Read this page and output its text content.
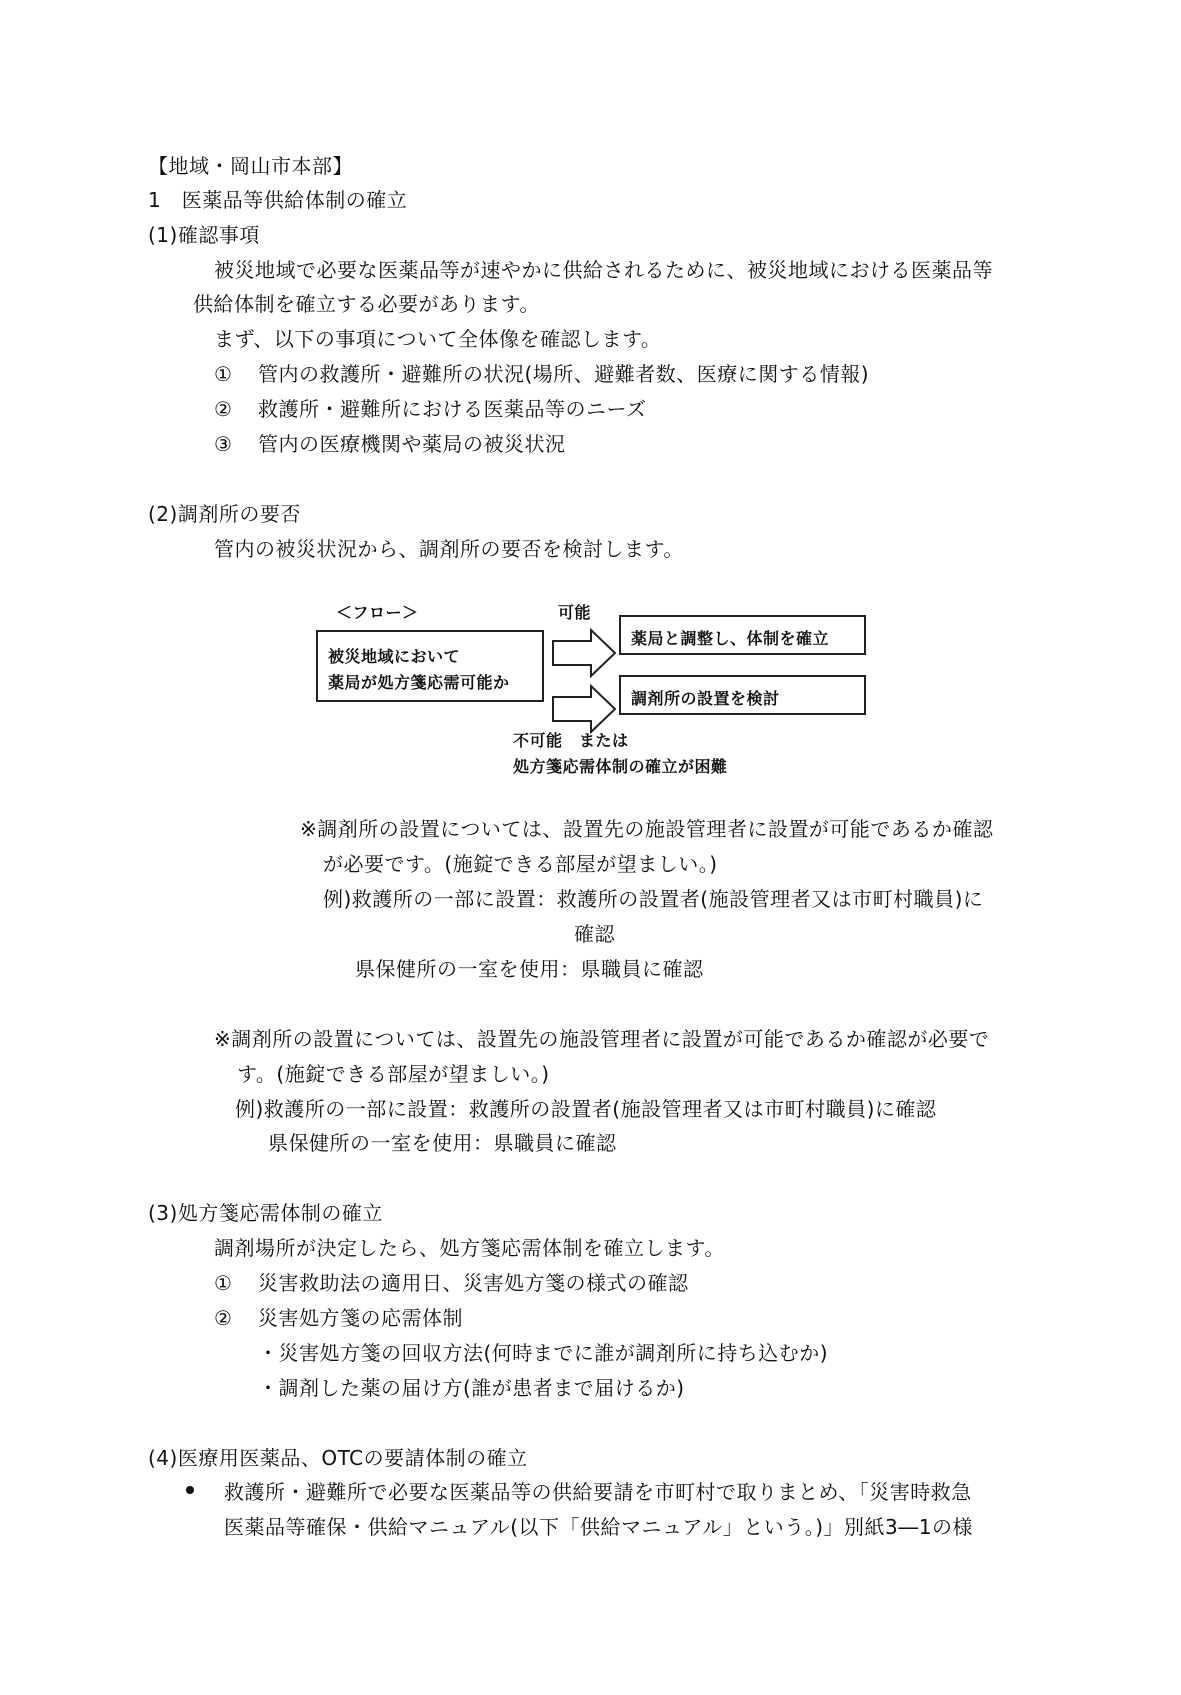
【地域・岡山市本部】
1　医薬品等供給体制の確立
(1)確認事項
被災地域で必要な医薬品等が速やかに供給されるために、被災地域における医薬品等
供給体制を確立する必要があります。
まず、以下の事項について全体像を確認します。
① 管内の救護所・避難所の状況(場所、避難者数、医療に関する情報)
② 救護所・避難所における医薬品等のニーズ
③ 管内の医療機関や薬局の被災状況
(2)調剤所の要否
管内の被災状況から、調剤所の要否を検討します。
＜フロー＞	可能
被災地域において
薬局が処方箋応需可能か
薬局と調整し、体制を確立
調剤所の設置を検討
不可能　または
処方箋応需体制の確立が困難
※調剤所の設置については、設置先の施設管理者に設置が可能であるか確認
が必要です。(施錠できる部屋が望ましい。)
例)救護所の一部に設置：救護所の設置者(施設管理者又は市町村職員)に
確認
県保健所の一室を使用：県職員に確認
※調剤所の設置については、設置先の施設管理者に設置が可能であるか確認が必要で
す。(施錠できる部屋が望ましい。)
例)救護所の一部に設置：救護所の設置者(施設管理者又は市町村職員)に確認
県保健所の一室を使用：県職員に確認
(3)処方箋応需体制の確立
調剤場所が決定したら、処方箋応需体制を確立します。
① 災害救助法の適用日、災害処方箋の様式の確認
② 災害処方箋の応需体制
・災害処方箋の回収方法(何時までに誰が調剤所に持ち込むか)
・調剤した薬の届け方(誰が患者まで届けるか)
(4)医療用医薬品、OTCの要請体制の確立
救護所・避難所で必要な医薬品等の供給要請を市町村で取りまとめ、「災害時救急
医薬品等確保・供給マニュアル(以下「供給マニュアル」という。)」別紙3―1の様
